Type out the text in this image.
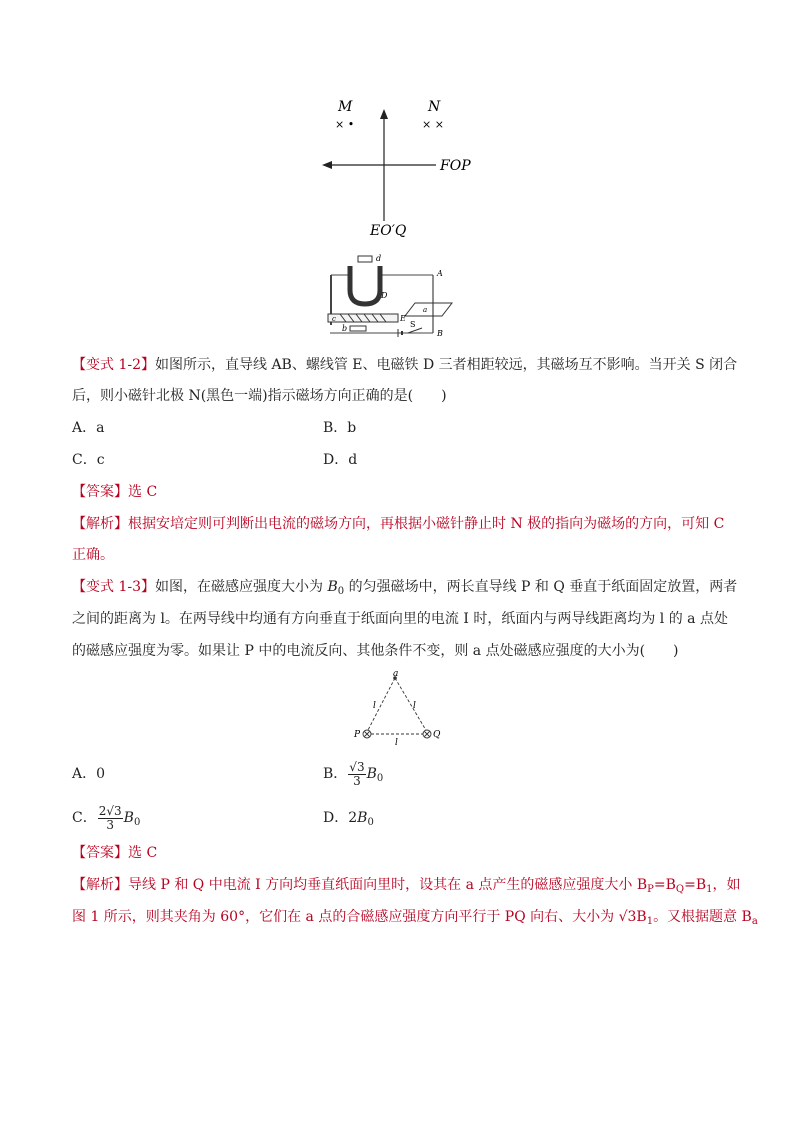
M
× •
N
× ×
FOP
EO′Q
d
A
D
a
c	E
b	S
B
【变式 1-2】如图所示，直导线 AB、螺线管 E、电磁铁 D 三者相距较远，其磁场互不影响。当开关 S 闭合
后，则小磁针北极 N(黑色一端)指示磁场方向正确的是(　　)
A．a	B．b
C．c	D．d
【答案】选 C
【解析】根据安培定则可判断出电流的磁场方向，再根据小磁针静止时 N 极的指向为磁场的方向，可知 C
正确。
【变式 1-3】如图，在磁感应强度大小为 $B_0$ 的匀强磁场中，两长直导线 P 和 Q 垂直于纸面固定放置，两者
之间的距离为 l。在两导线中均通有方向垂直于纸面向里的电流 I 时，纸面内与两导线距离均为 l 的 a 点处
的磁感应强度为零。如果让 P 中的电流反向、其他条件不变，则 a 点处磁感应强度的大小为(　　)
a
l	l
l
P	Q
A．0	B． $\frac{√3}{3} B_0$
C． $\frac{2√3}{3} B_0$	D．$2B_0$
【答案】选 C
【解析】导线 P 和 Q 中电流 I 方向均垂直纸面向里时，设其在 a 点产生的磁感应强度大小 $B_P=B_Q=B_1$，如
图 1 所示，则其夹角为 60°，它们在 a 点的合磁感应强度方向平行于 PQ 向右、大小为 $√3B_1$。又根据题意 $B_a$
